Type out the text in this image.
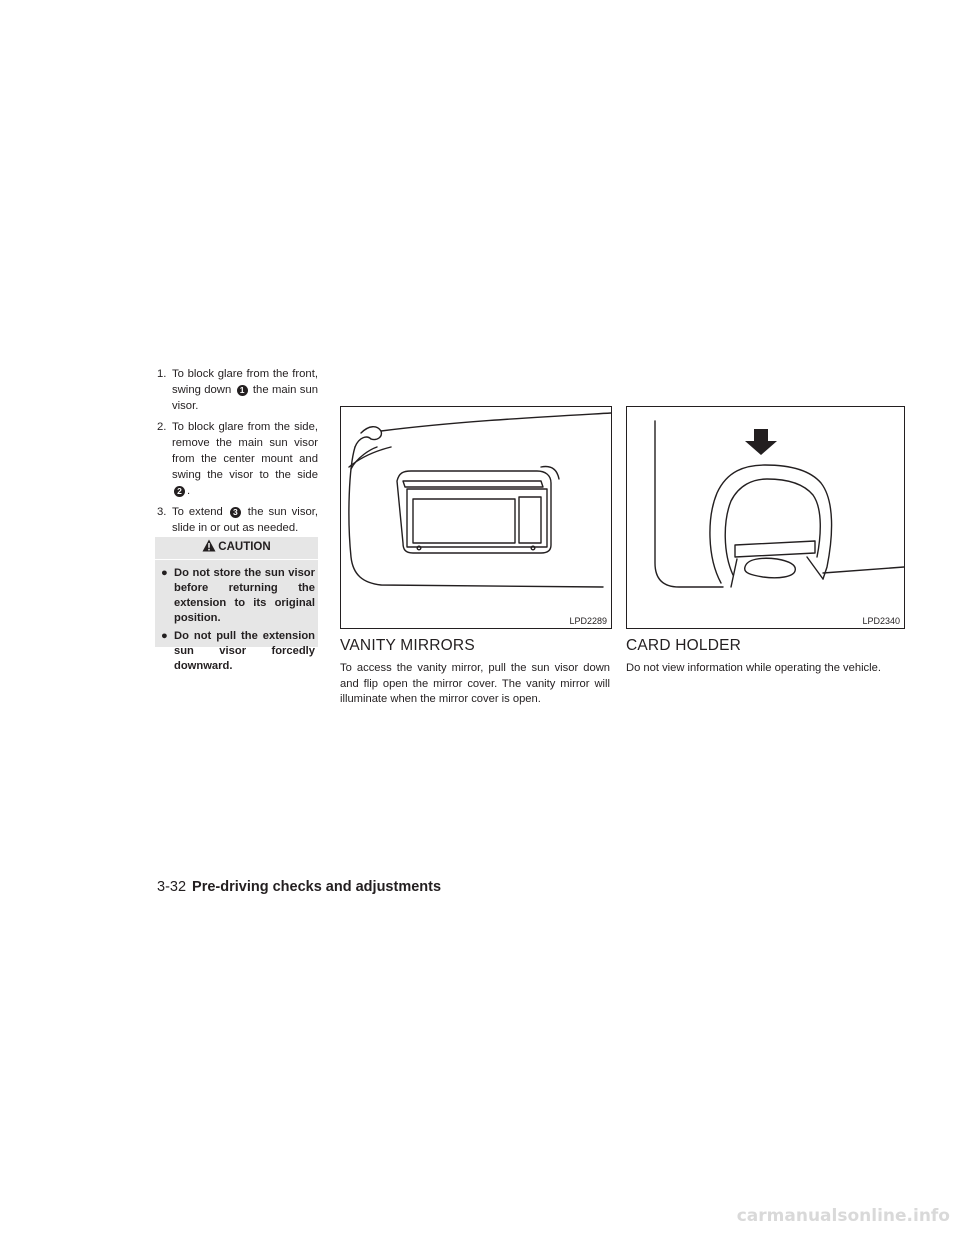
1. To block glare from the front, swing down 1 the main sun visor.
2. To block glare from the side, remove the main sun visor from the center mount and swing the visor to the side 2 .
3. To extend 3 the sun visor, slide in or out as needed.
CAUTION
● Do not store the sun visor before returning the extension to its original position.
● Do not pull the extension sun visor forcedly downward.
LPD2289	LPD2340
VANITY MIRRORS
To access the vanity mirror, pull the sun visor down and flip open the mirror cover. The vanity mirror will illuminate when the mirror cover is open.
CARD HOLDER
Do not view information while operating the vehicle.
3-32 Pre-driving checks and adjustments
carmanualsonline.info
